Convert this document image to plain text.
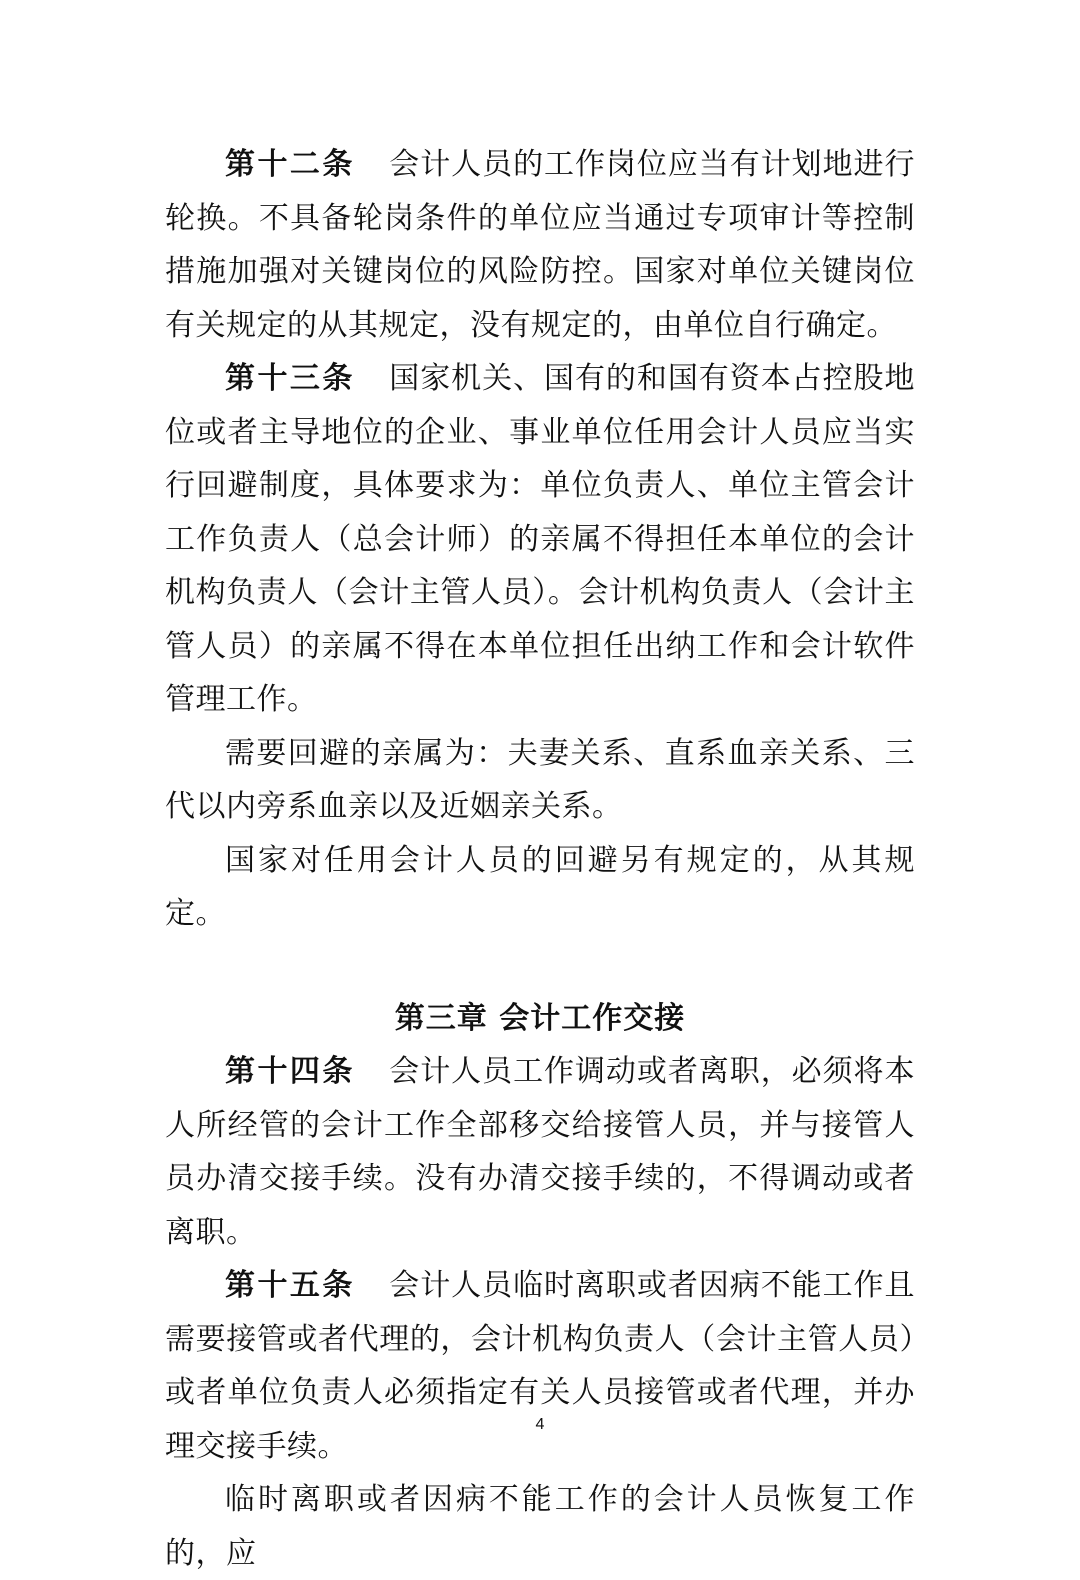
第十二条 会计人员的工作岗位应当有计划地进行轮换。不具备轮岗条件的单位应当通过专项审计等控制措施加强对关键岗位的风险防控。国家对单位关键岗位有关规定的从其规定，没有规定的，由单位自行确定。

第十三条 国家机关、国有的和国有资本占控股地位或者主导地位的企业、事业单位任用会计人员应当实行回避制度，具体要求为：单位负责人、单位主管会计工作负责人（总会计师）的亲属不得担任本单位的会计机构负责人（会计主管人员）。会计机构负责人（会计主管人员）的亲属不得在本单位担任出纳工作和会计软件管理工作。

需要回避的亲属为：夫妻关系、直系血亲关系、三代以内旁系血亲以及近姻亲关系。

国家对任用会计人员的回避另有规定的，从其规定。

第三章 会计工作交接

第十四条 会计人员工作调动或者离职，必须将本人所经管的会计工作全部移交给接管人员，并与接管人员办清交接手续。没有办清交接手续的，不得调动或者离职。

第十五条 会计人员临时离职或者因病不能工作且需要接管或者代理的，会计机构负责人（会计主管人员）或者单位负责人必须指定有关人员接管或者代理，并办理交接手续。

临时离职或者因病不能工作的会计人员恢复工作的，应

4
